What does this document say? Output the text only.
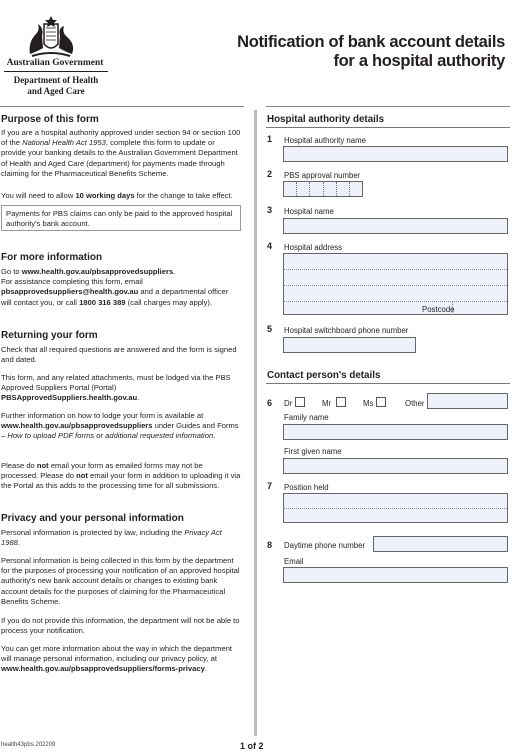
Australian Government
Department of Health
and Aged Care
Notification of bank account details
for a hospital authority
Purpose of this form
If you are a hospital authority approved under section 94 or section 100 of the National Health Act 1953, complete this form to update or provide your banking details to the Australian Government Department of Health and Aged Care (department) for payments made through claiming for the Pharmaceutical Benefits Scheme.
You will need to allow 10 working days for the change to take effect.
Payments for PBS claims can only be paid to the approved hospital authority's bank account.
For more information
Go to www.health.gov.au/pbsapprovedsuppliers.
For assistance completing this form, email
pbsapprovedsuppliers@health.gov.au and a departmental officer will contact you, or call 1800 316 389 (call charges may apply).
Returning your form
Check that all required questions are answered and the form is signed and dated.
This form, and any related attachments, must be lodged via the PBS Approved Suppliers Portal (Portal)
PBSApprovedSuppliers.health.gov.au.
Further information on how to lodge your form is available at www.health.gov.au/pbsapprovedsuppliers under Guides and Forms – How to upload PDF forms or additional requested information.
Please do not email your form as emailed forms may not be processed. Please do not email your form in addition to uploading it via the Portal as this adds to the processing time for all submissions.
Privacy and your personal information
Personal information is protected by law, including the Privacy Act 1988.
Personal information is being collected in this form by the department for the purposes of processing your notification of an approved hospital authority's new bank account details or changes to existing bank account details for the purposes of claiming for the Pharmaceutical Benefits Scheme.
If you do not provide this information, the department will not be able to process your notification.
You can get more information about the way in which the department will manage personal information, including our privacy policy, at
www.health.gov.au/pbsapprovedsuppliers/forms-privacy.
Hospital authority details
1 Hospital authority name
2 PBS approval number
3 Hospital name
4 Hospital address
Postcode
5 Hospital switchboard phone number
Contact person's details
6 Dr	Mr	Ms	Other
Family name
First given name
7 Position held
8 Daytime phone number
Email
health43pbs.202209	1 of 2
